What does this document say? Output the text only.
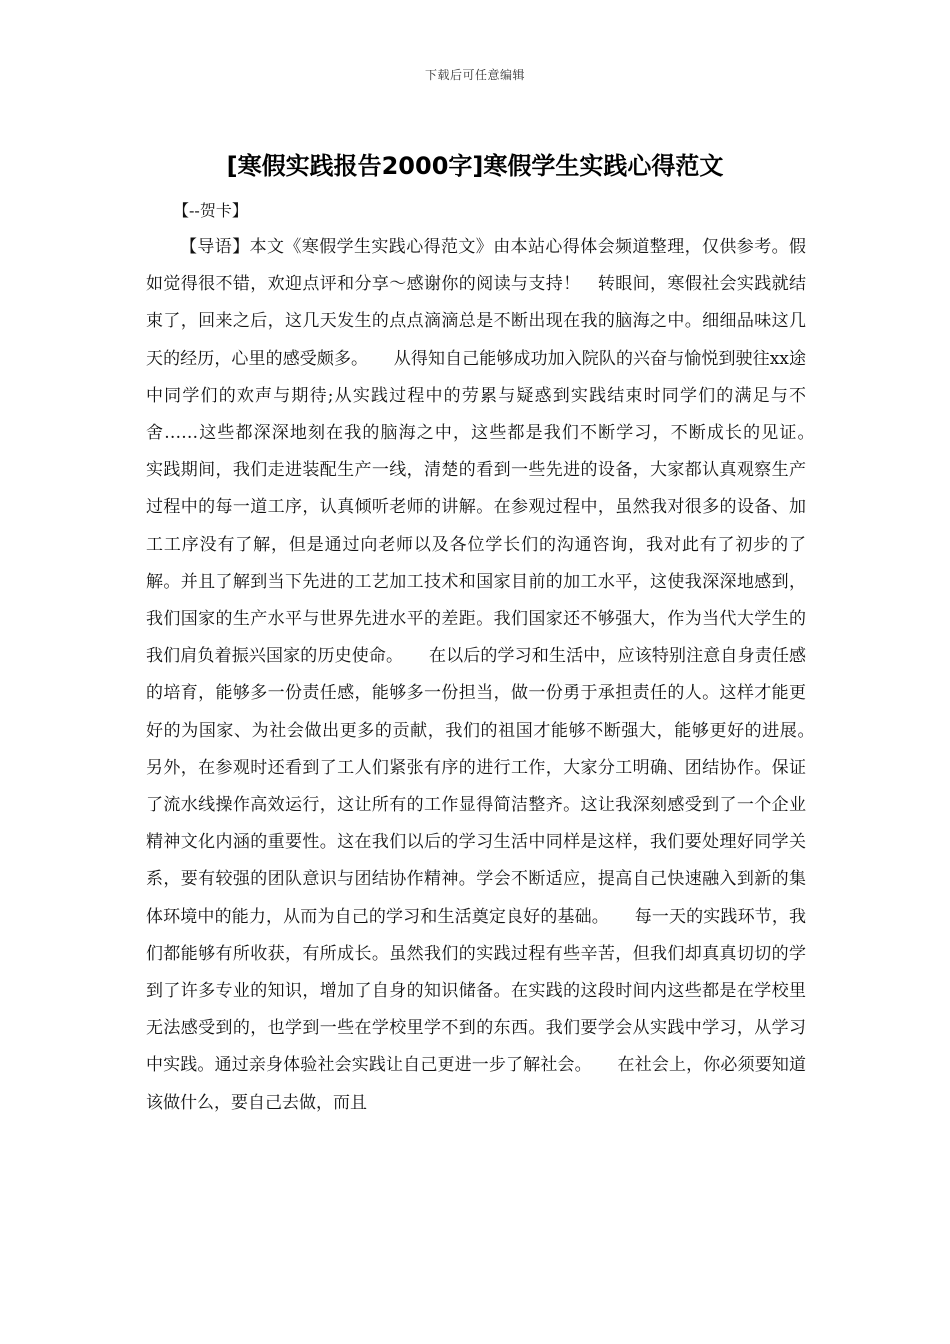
下载后可任意编辑
[寒假实践报告2000字]寒假学生实践心得范文
【--贺卡】

【导语】本文《寒假学生实践心得范文》由本站心得体会频道整理，仅供参考。假如觉得很不错，欢迎点评和分享～感谢你的阅读与支持！　转眼间，寒假社会实践就结束了，回来之后，这几天发生的点点滴滴总是不断出现在我的脑海之中。细细品味这几天的经历，心里的感受颇多。　　从得知自己能够成功加入院队的兴奋与愉悦到驶往xx途中同学们的欢声与期待;从实践过程中的劳累与疑惑到实践结束时同学们的满足与不舍……这些都深深地刻在我的脑海之中，这些都是我们不断学习，不断成长的见证。　　实践期间，我们走进装配生产一线，清楚的看到一些先进的设备，大家都认真观察生产过程中的每一道工序，认真倾听老师的讲解。在参观过程中，虽然我对很多的设备、加工工序没有了解，但是通过向老师以及各位学长们的沟通咨询，我对此有了初步的了解。并且了解到当下先进的工艺加工技术和国家目前的加工水平，这使我深深地感到，我们国家的生产水平与世界先进水平的差距。我们国家还不够强大，作为当代大学生的我们肩负着振兴国家的历史使命。　　在以后的学习和生活中，应该特别注意自身责任感的培育，能够多一份责任感，能够多一份担当，做一份勇于承担责任的人。这样才能更好的为国家、为社会做出更多的贡献，我们的祖国才能够不断强大，能够更好的进展。　　另外，在参观时还看到了工人们紧张有序的进行工作，大家分工明确、团结协作。保证了流水线操作高效运行，这让所有的工作显得简洁整齐。这让我深刻感受到了一个企业精神文化内涵的重要性。这在我们以后的学习生活中同样是这样，我们要处理好同学关系，要有较强的团队意识与团结协作精神。学会不断适应，提高自己快速融入到新的集体环境中的能力，从而为自己的学习和生活奠定良好的基础。　　每一天的实践环节，我们都能够有所收获，有所成长。虽然我们的实践过程有些辛苦，但我们却真真切切的学到了许多专业的知识，增加了自身的知识储备。在实践的这段时间内这些都是在学校里无法感受到的，也学到一些在学校里学不到的东西。我们要学会从实践中学习，从学习中实践。通过亲身体验社会实践让自己更进一步了解社会。　　在社会上，你必须要知道该做什么，要自己去做，而且
